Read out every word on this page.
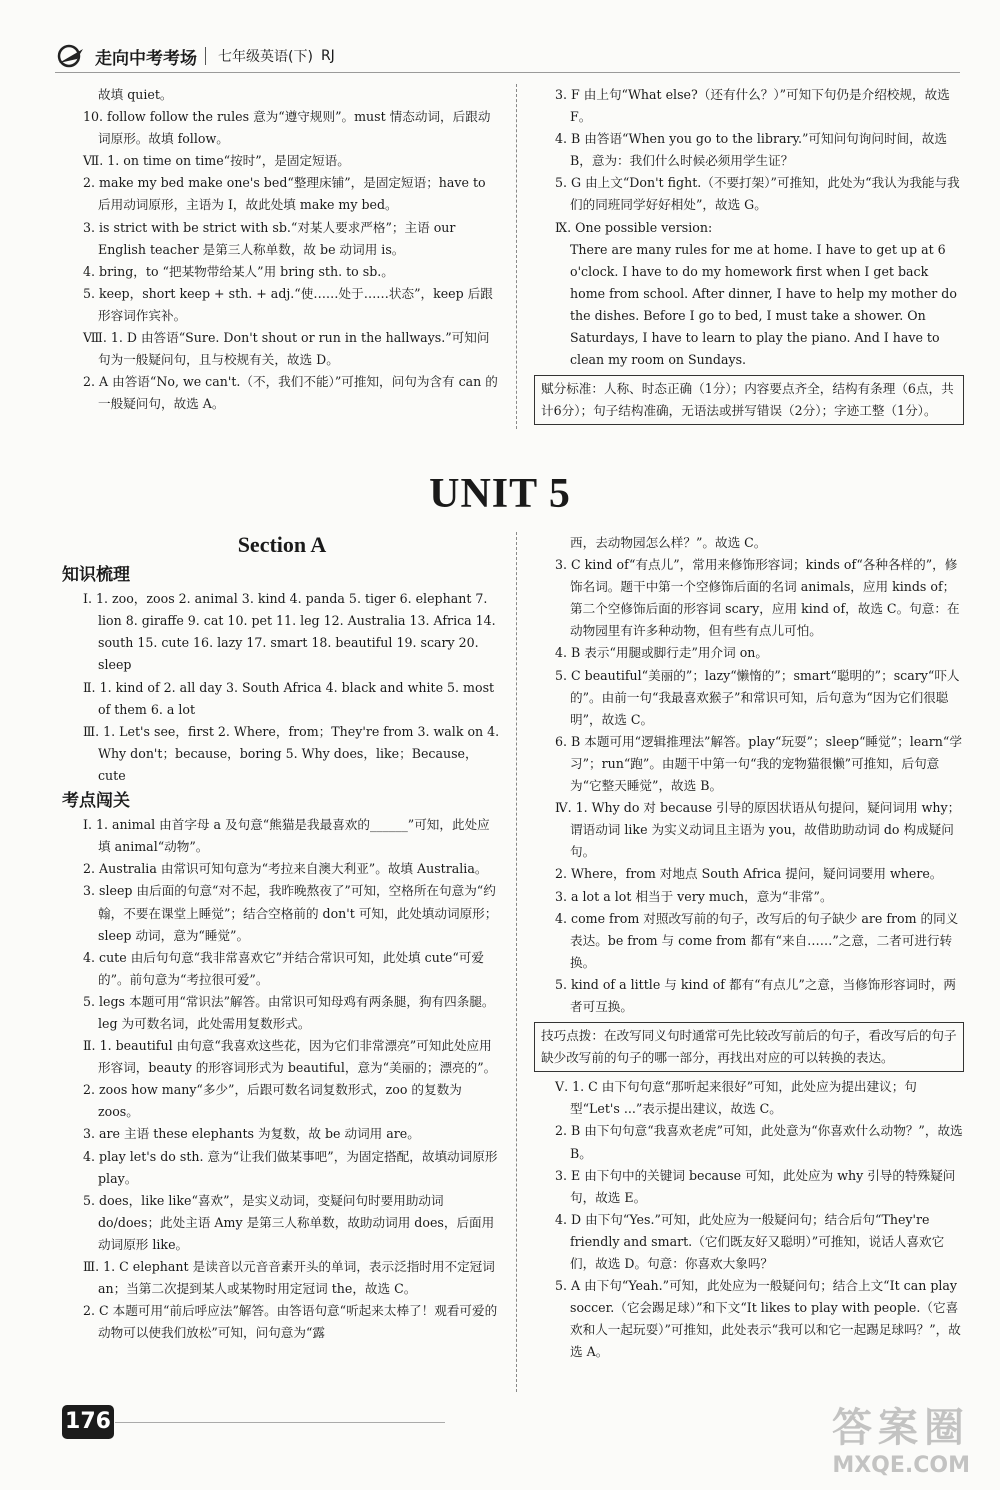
走向中考考场 七年级英语(下) RJ

故填 quiet。

10. follow follow the rules 意为“遵守规则”。must 情态动词，后跟动词原形。故填 follow。

Ⅶ. 1. on time on time“按时”，是固定短语。

2. make my bed make one's bed“整理床铺”，是固定短语；have to 后用动词原形，主语为 I，故此处填 make my bed。

3. is strict with be strict with sb.“对某人要求严格”；主语 our English teacher 是第三人称单数，故 be 动词用 is。

4. bring，to “把某物带给某人”用 bring sth. to sb.。

5. keep，short keep + sth. + adj.“使……处于……状态”，keep 后跟形容词作宾补。

Ⅷ. 1. D 由答语“Sure. Don't shout or run in the hallways.”可知问句为一般疑问句，且与校规有关，故选 D。

2. A 由答语“No, we can't.（不，我们不能）”可推知，问句为含有 can 的一般疑问句，故选 A。

3. F 由上句“What else?（还有什么？）”可知下句仍是介绍校规，故选 F。

4. B 由答语“When you go to the library.”可知问句询问时间，故选 B，意为：我们什么时候必须用学生证？

5. G 由上文“Don't fight.（不要打架）”可推知，此处为“我认为我能与我们的同班同学好好相处”，故选 G。

Ⅸ. One possible version:

There are many rules for me at home. I have to get up at 6 o'clock. I have to do my homework first when I get back home from school. After dinner, I have to help my mother do the dishes. Before I go to bed, I must take a shower. On Saturdays, I have to learn to play the piano. And I have to clean my room on Sundays.

赋分标准：人称、时态正确（1分）；内容要点齐全，结构有条理（6点，共计6分）；句子结构准确，无语法或拼写错误（2分）；字迹工整（1分）。
UNIT 5
Section A
知识梳理

Ⅰ. 1. zoo，zoos 2. animal 3. kind 4. panda 5. tiger 6. elephant 7. lion 8. giraffe 9. cat 10. pet 11. leg 12. Australia 13. Africa 14. south 15. cute 16. lazy 17. smart 18. beautiful 19. scary 20. sleep

Ⅱ. 1. kind of 2. all day 3. South Africa 4. black and white 5. most of them 6. a lot

Ⅲ. 1. Let's see，first 2. Where，from；They're from 3. walk on 4. Why don't；because，boring 5. Why does，like；Because，cute

考点闯关

Ⅰ. 1. animal 由首字母 a 及句意“熊猫是我最喜欢的______”可知，此处应填 animal“动物”。

2. Australia 由常识可知句意为“考拉来自澳大利亚”。故填 Australia。

3. sleep 由后面的句意“对不起，我昨晚熬夜了”可知，空格所在句意为“约翰，不要在课堂上睡觉”；结合空格前的 don't 可知，此处填动词原形；sleep 动词，意为“睡觉”。

4. cute 由后句句意“我非常喜欢它”并结合常识可知，此处填 cute“可爱的”。前句意为“考拉很可爱”。

5. legs 本题可用“常识法”解答。由常识可知母鸡有两条腿，狗有四条腿。leg 为可数名词，此处需用复数形式。

Ⅱ. 1. beautiful 由句意“我喜欢这些花，因为它们非常漂亮”可知此处应用形容词，beauty 的形容词形式为 beautiful，意为“美丽的；漂亮的”。

2. zoos how many“多少”，后跟可数名词复数形式，zoo 的复数为 zoos。

3. are 主语 these elephants 为复数，故 be 动词用 are。

4. play let's do sth. 意为“让我们做某事吧”，为固定搭配，故填动词原形 play。

5. does，like like“喜欢”，是实义动词，变疑问句时要用助动词 do/does；此处主语 Amy 是第三人称单数，故助动词用 does，后面用动词原形 like。

Ⅲ. 1. C elephant 是读音以元音音素开头的单词，表示泛指时用不定冠词 an；当第二次提到某人或某物时用定冠词 the，故选 C。

2. C 本题可用“前后呼应法”解答。由答语句意“听起来太棒了！观看可爱的动物可以使我们放松”可知，问句意为“露

西，去动物园怎么样？”。故选 C。

3. C kind of“有点儿”，常用来修饰形容词；kinds of“各种各样的”，修饰名词。题干中第一个空修饰后面的名词 animals，应用 kinds of；第二个空修饰后面的形容词 scary，应用 kind of，故选 C。句意：在动物园里有许多种动物，但有些有点儿可怕。

4. B 表示“用腿或脚行走”用介词 on。

5. C beautiful“美丽的”；lazy“懒惰的”；smart“聪明的”；scary“吓人的”。由前一句“我最喜欢猴子”和常识可知，后句意为“因为它们很聪明”，故选 C。

6. B 本题可用“逻辑推理法”解答。play“玩耍”；sleep“睡觉”；learn“学习”；run“跑”。由题干中第一句“我的宠物猫很懒”可推知，后句意为“它整天睡觉”，故选 B。

Ⅳ. 1. Why do 对 because 引导的原因状语从句提问，疑问词用 why；谓语动词 like 为实义动词且主语为 you，故借助助动词 do 构成疑问句。

2. Where，from 对地点 South Africa 提问，疑问词要用 where。

3. a lot a lot 相当于 very much，意为“非常”。

4. come from 对照改写前的句子，改写后的句子缺少 are from 的同义表达。be from 与 come from 都有“来自……”之意，二者可进行转换。

5. kind of a little 与 kind of 都有“有点儿”之意，当修饰形容词时，两者可互换。

技巧点拨：在改写同义句时通常可先比较改写前后的句子，看改写后的句子缺少改写前的句子的哪一部分，再找出对应的可以转换的表达。

Ⅴ. 1. C 由下句句意“那听起来很好”可知，此处应为提出建议；句型“Let's ...”表示提出建议，故选 C。

2. B 由下句句意“我喜欢老虎”可知，此处意为“你喜欢什么动物？”，故选 B。

3. E 由下句中的关键词 because 可知，此处应为 why 引导的特殊疑问句，故选 E。

4. D 由下句“Yes.”可知，此处应为一般疑问句；结合后句“They're friendly and smart.（它们既友好又聪明）”可推知，说话人喜欢它们，故选 D。句意：你喜欢大象吗？

5. A 由下句“Yeah.”可知，此处应为一般疑问句；结合上文“It can play soccer.（它会踢足球）”和下文“It likes to play with people.（它喜欢和人一起玩耍）”可推知，此处表示“我可以和它一起踢足球吗？”，故选 A。

176	答案圈
MXQE.COM
